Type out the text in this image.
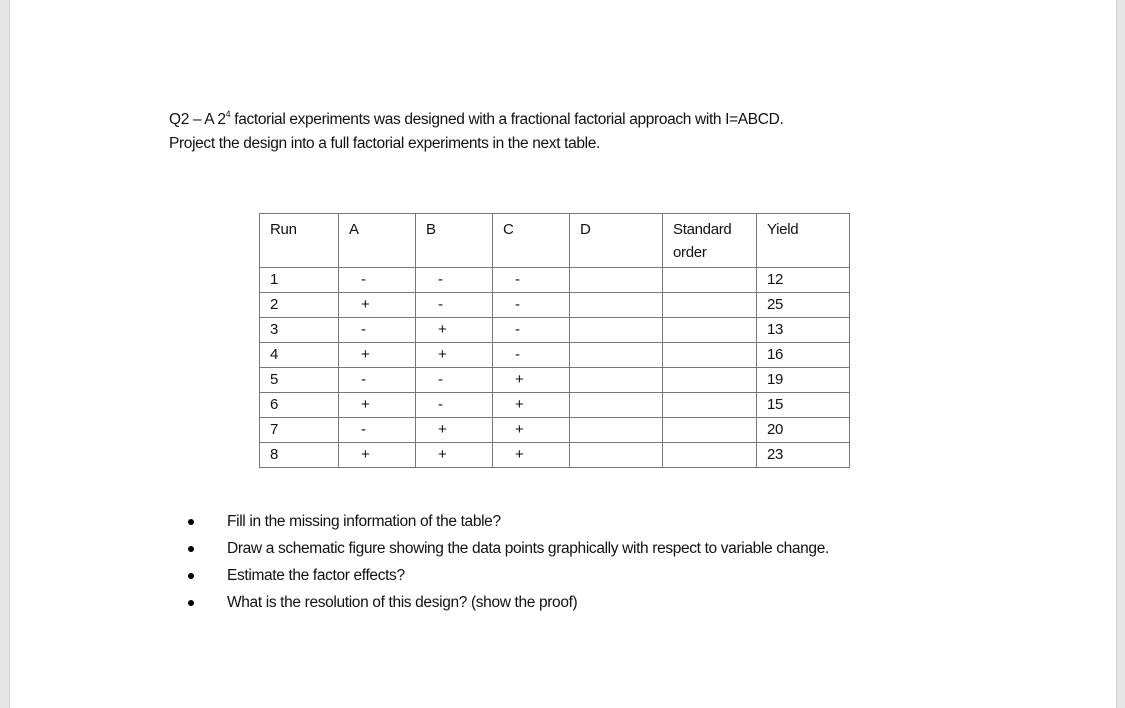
Q2 – A $2^4$ factorial experiments was designed with a fractional factorial approach with I=ABCD.
Project the design into a full factorial experiments in the next table.
Run	A	B	C	D	Standard order	Yield
1	-	-	-			12
2	+	-	-			25
3	-	+	-			13
4	+	+	-			16
5	-	-	+			19
6	+	-	+			15
7	-	+	+			20
8	+	+	+			23
Fill in the missing information of the table?
Draw a schematic figure showing the data points graphically with respect to variable change.
Estimate the factor effects?
What is the resolution of this design? (show the proof)
